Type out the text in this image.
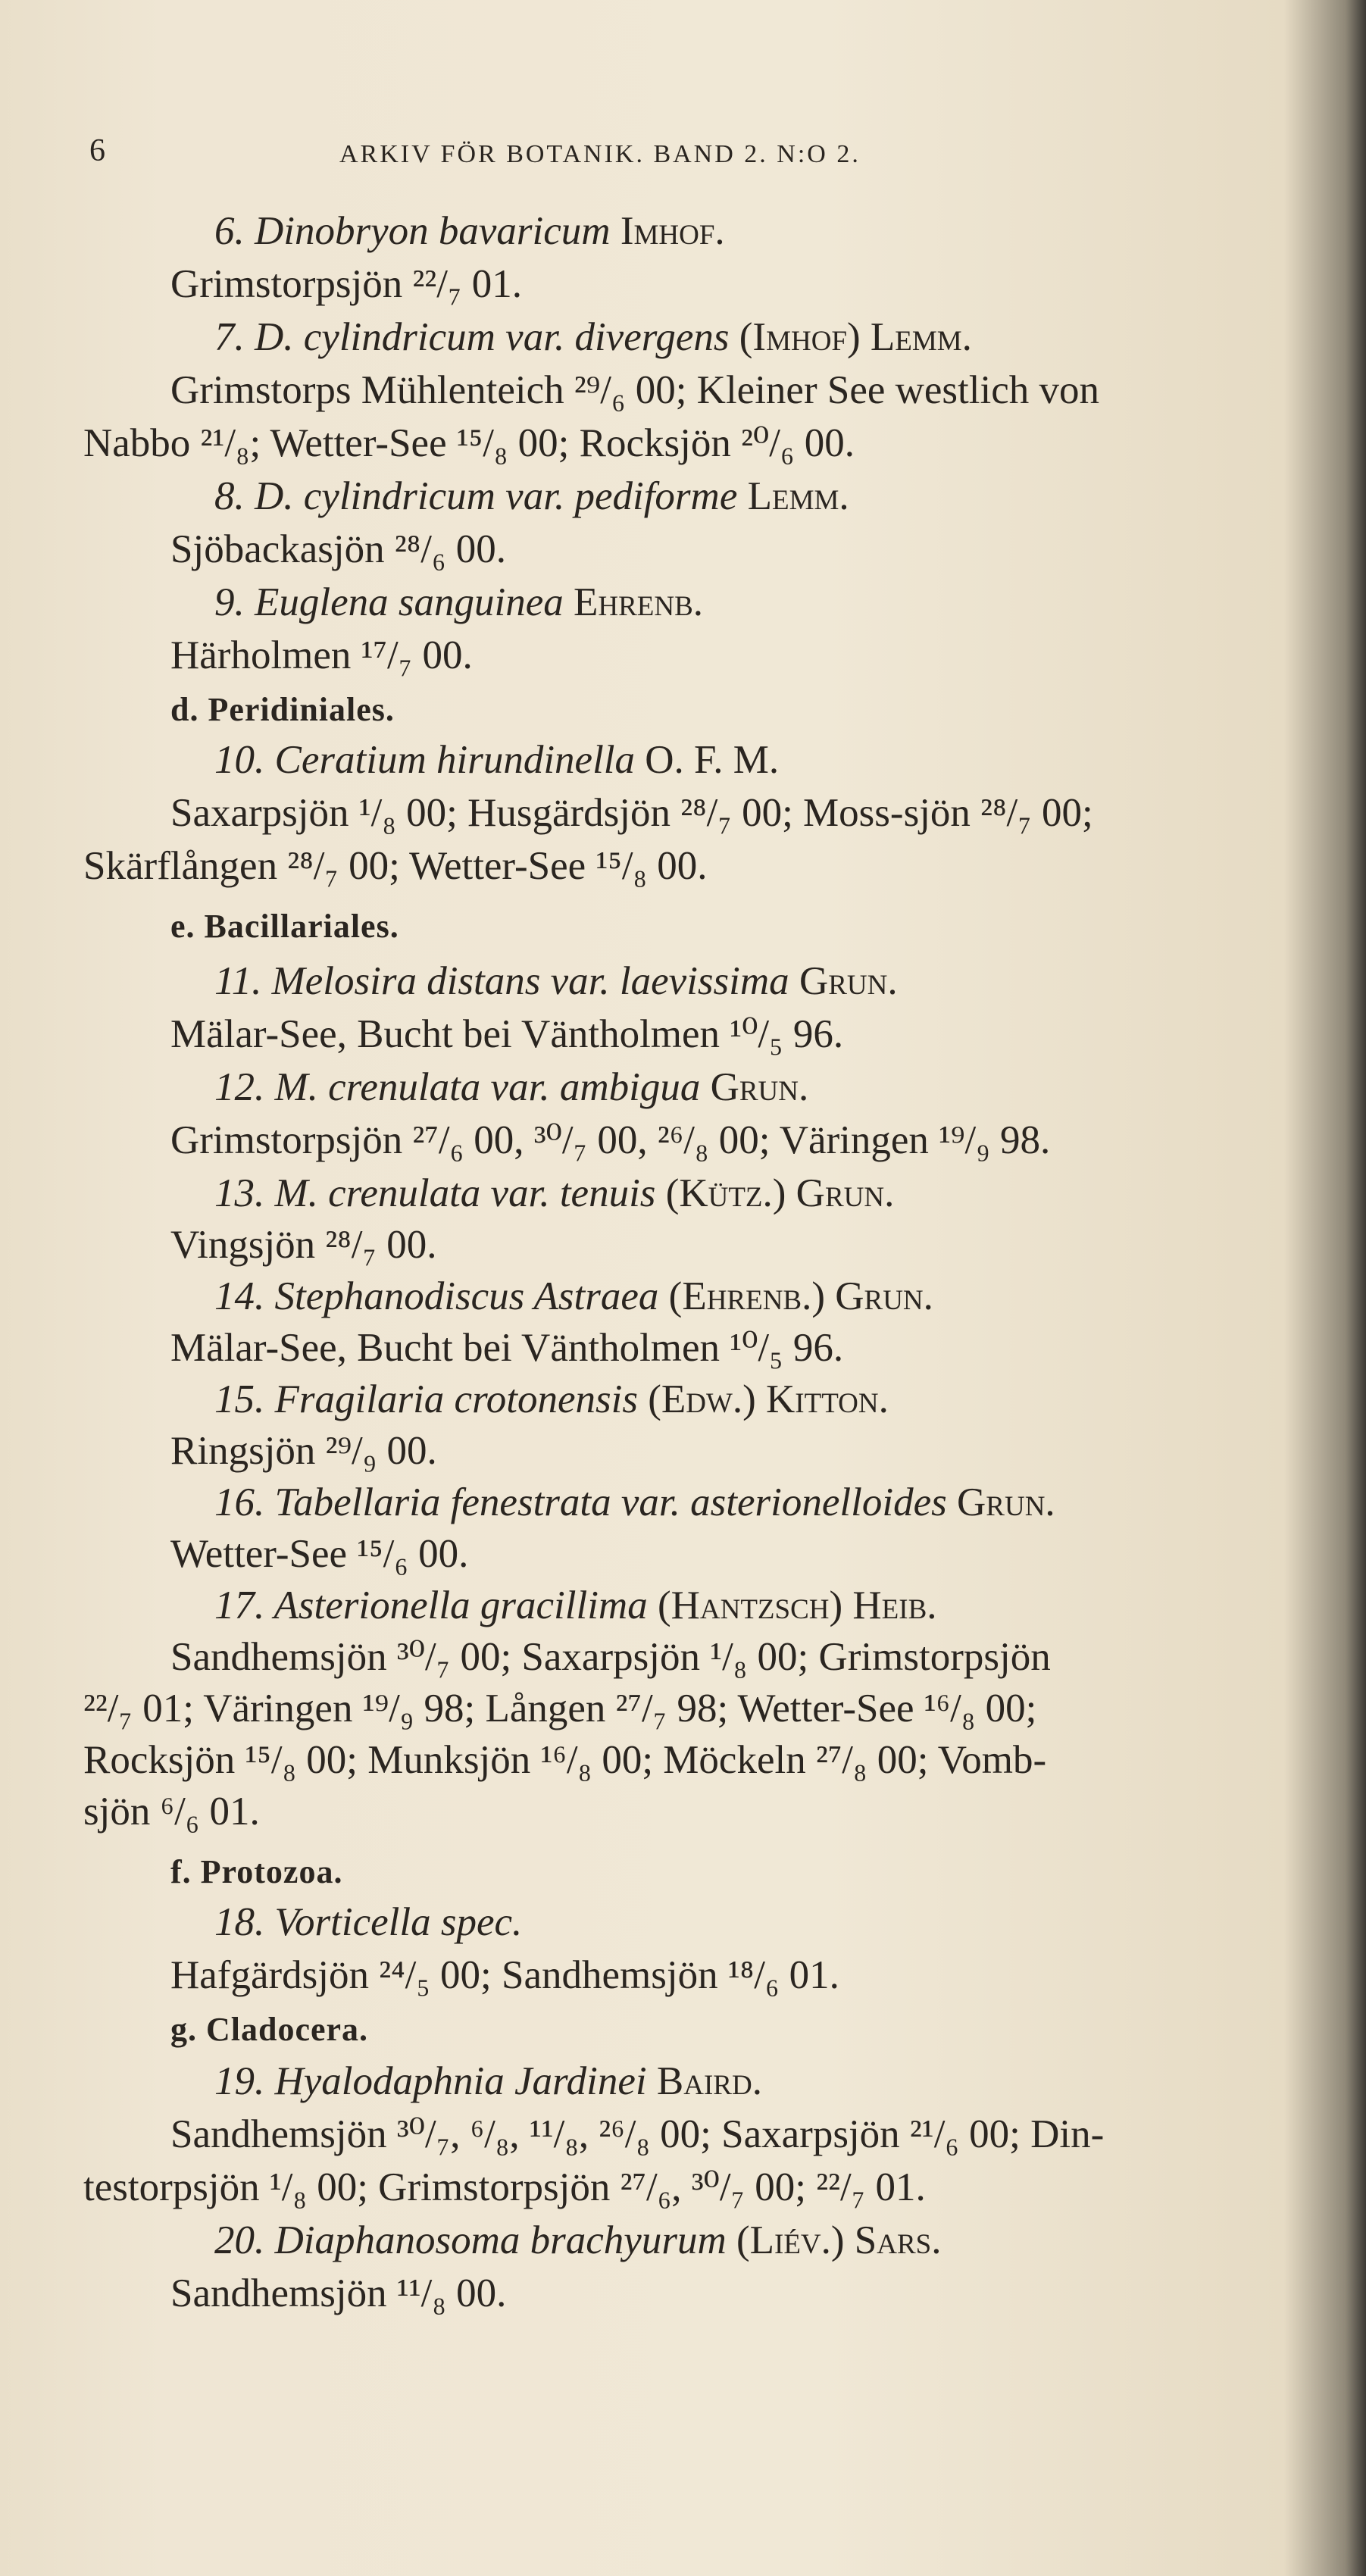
6	ARKIV FÖR BOTANIK. BAND 2. N:O 2.
6. Dinobryon bavaricum Imhof.
Grimstorpsjön ²²/₇ 01.
7. D. cylindricum var. divergens (Imhof) Lemm.
Grimstorps Mühlenteich ²⁹/₆ 00; Kleiner See westlich von
Nabbo ²¹/₈; Wetter-See ¹⁵/₈ 00; Rocksjön ²⁰/₆ 00.
8. D. cylindricum var. pediforme Lemm.
Sjöbackasjön ²⁸/₆ 00.
9. Euglena sanguinea Ehrenb.
Härholmen ¹⁷/₇ 00.
d. Peridiniales.
10. Ceratium hirundinella O. F. M.
Saxarpsjön ¹/₈ 00; Husgärdsjön ²⁸/₇ 00; Moss-sjön ²⁸/₇ 00;
Skärflången ²⁸/₇ 00; Wetter-See ¹⁵/₈ 00.
e. Bacillariales.
11. Melosira distans var. laevissima Grun.
Mälar-See, Bucht bei Väntholmen ¹⁰/₅ 96.
12. M. crenulata var. ambigua Grun.
Grimstorpsjön ²⁷/₆ 00, ³⁰/₇ 00, ²⁶/₈ 00; Väringen ¹⁹/₉ 98.
13. M. crenulata var. tenuis (Kütz.) Grun.
Vingsjön ²⁸/₇ 00.
14. Stephanodiscus Astraea (Ehrenb.) Grun.
Mälar-See, Bucht bei Väntholmen ¹⁰/₅ 96.
15. Fragilaria crotonensis (Edw.) Kitton.
Ringsjön ²⁹/₉ 00.
16. Tabellaria fenestrata var. asterionelloides Grun.
Wetter-See ¹⁵/₆ 00.
17. Asterionella gracillima (Hantzsch) Heib.
Sandhemsjön ³⁰/₇ 00; Saxarpsjön ¹/₈ 00; Grimstorpsjön
²²/₇ 01; Väringen ¹⁹/₉ 98; Lången ²⁷/₇ 98; Wetter-See ¹⁶/₈ 00;
Rocksjön ¹⁵/₈ 00; Munksjön ¹⁶/₈ 00; Möckeln ²⁷/₈ 00; Vomb-
sjön ⁶/₆ 01.
f. Protozoa.
18. Vorticella spec.
Hafgärdsjön ²⁴/₅ 00; Sandhemsjön ¹⁸/₆ 01.
g. Cladocera.
19. Hyalodaphnia Jardinei Baird.
Sandhemsjön ³⁰/₇, ⁶/₈, ¹¹/₈, ²⁶/₈ 00; Saxarpsjön ²¹/₆ 00; Din-
testorpsjön ¹/₈ 00; Grimstorpsjön ²⁷/₆, ³⁰/₇ 00; ²²/₇ 01.
20. Diaphanosoma brachyurum (Liév.) Sars.
Sandhemsjön ¹¹/₈ 00.
